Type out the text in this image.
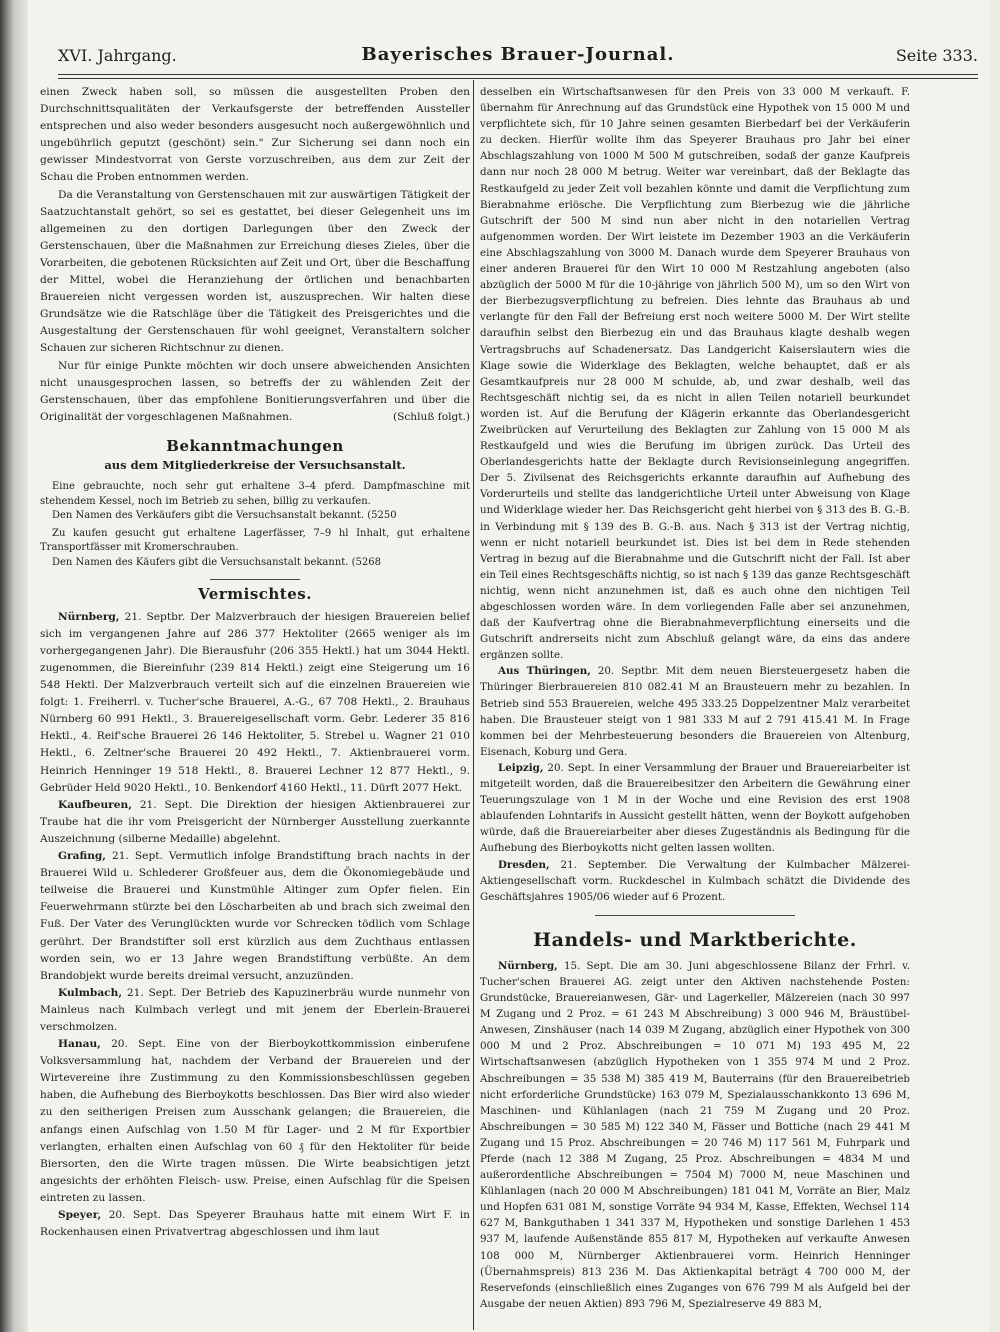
XVI. Jahrgang.	Bayerisches Brauer-Journal.	Seite 333.

einen Zweck haben soll, so müssen die ausgestellten Proben den Durchschnittsqualitäten der Verkaufsgerste der betreffenden Aussteller entsprechen und also weder besonders ausgesucht noch außergewöhnlich und ungebührlich geputzt (geschönt) sein." Zur Sicherung sei dann noch ein gewisser Mindestvorrat von Gerste vorzuschreiben, aus dem zur Zeit der Schau die Proben entnommen werden.

Da die Veranstaltung von Gerstenschauen mit zur auswärtigen Tätigkeit der Saatzuchtanstalt gehört, so sei es gestattet, bei dieser Gelegenheit uns im allgemeinen zu den dortigen Darlegungen über den Zweck der Gerstenschauen, über die Maßnahmen zur Erreichung dieses Zieles, über die Vorarbeiten, die gebotenen Rücksichten auf Zeit und Ort, über die Beschaffung der Mittel, wobei die Heranziehung der örtlichen und benachbarten Brauereien nicht vergessen worden ist, auszusprechen. Wir halten diese Grundsätze wie die Ratschläge über die Tätigkeit des Preisgerichtes und die Ausgestaltung der Gerstenschauen für wohl geeignet, Veranstaltern solcher Schauen zur sicheren Richtschnur zu dienen.

Nur für einige Punkte möchten wir doch unsere abweichenden Ansichten nicht unausgesprochen lassen, so betreffs der zu wählenden Zeit der Gerstenschauen, über das empfohlene Bonitierungsverfahren und über die Originalität der vorgeschlagenen Maßnahmen.	(Schluß folgt.)

Bekanntmachungen
aus dem Mitgliederkreise der Versuchsanstalt.

Eine gebrauchte, noch sehr gut erhaltene 3–4 pferd. Dampfmaschine mit stehendem Kessel, noch im Betrieb zu sehen, billig zu verkaufen.

Den Namen des Verkäufers gibt die Versuchsanstalt bekannt. (5250

Zu kaufen gesucht gut erhaltene Lagerfässer, 7–9 hl Inhalt, gut erhaltene Transportfässer mit Kromerschrauben.

Den Namen des Käufers gibt die Versuchsanstalt bekannt. (5268

Vermischtes.

Nürnberg, 21. Septbr. Der Malzverbrauch der hiesigen Brauereien belief sich im vergangenen Jahre auf 286 377 Hektoliter (2665 weniger als im vorhergegangenen Jahr). Die Bierausfuhr (206 355 Hektl.) hat um 3044 Hektl. zugenommen, die Biereinfuhr (239 814 Hektl.) zeigt eine Steigerung um 16 548 Hektl. Der Malzverbrauch verteilt sich auf die einzelnen Brauereien wie folgt: 1. Freiherrl. v. Tucher'sche Brauerei, A.-G., 67 708 Hektl., 2. Brauhaus Nürnberg 60 991 Hektl., 3. Brauereigesellschaft vorm. Gebr. Lederer 35 816 Hektl., 4. Reif'sche Brauerei 26 146 Hektoliter, 5. Strebel u. Wagner 21 010 Hektl., 6. Zeltner'sche Brauerei 20 492 Hektl., 7. Aktienbrauerei vorm. Heinrich Henninger 19 518 Hektl., 8. Brauerei Lechner 12 877 Hektl., 9. Gebrüder Held 9020 Hektl., 10. Benkendorf 4160 Hektl., 11. Dürft 2077 Hekt.

Kaufbeuren, 21. Sept. Die Direktion der hiesigen Aktienbrauerei zur Traube hat die ihr vom Preisgericht der Nürnberger Ausstellung zuerkannte Auszeichnung (silberne Medaille) abgelehnt.

Grafing, 21. Sept. Vermutlich infolge Brandstiftung brach nachts in der Brauerei Wild u. Schlederer Großfeuer aus, dem die Ökonomiegebäude und teilweise die Brauerei und Kunstmühle Altinger zum Opfer fielen. Ein Feuerwehrmann stürzte bei den Löscharbeiten ab und brach sich zweimal den Fuß. Der Vater des Verunglückten wurde vor Schrecken tödlich vom Schlage gerührt. Der Brandstifter soll erst kürzlich aus dem Zuchthaus entlassen worden sein, wo er 13 Jahre wegen Brandstiftung verbüßte. An dem Brandobjekt wurde bereits dreimal versucht, anzuzünden.

Kulmbach, 21. Sept. Der Betrieb des Kapuzinerbräu wurde nunmehr von Mainleus nach Kulmbach verlegt und mit jenem der Eberlein-Brauerei verschmolzen.

Hanau, 20. Sept. Eine von der Bierboykottkommission einberufene Volksversammlung hat, nachdem der Verband der Brauereien und der Wirtevereine ihre Zustimmung zu den Kommissionsbeschlüssen gegeben haben, die Aufhebung des Bierboykotts beschlossen. Das Bier wird also wieder zu den seitherigen Preisen zum Ausschank gelangen; die Brauereien, die anfangs einen Aufschlag von 1.50 M für Lager- und 2 M für Exportbier verlangten, erhalten einen Aufschlag von 60 ₰ für den Hektoliter für beide Biersorten, den die Wirte tragen müssen. Die Wirte beabsichtigen jetzt angesichts der erhöhten Fleisch- usw. Preise, einen Aufschlag für die Speisen eintreten zu lassen.

Speyer, 20. Sept. Das Speyerer Brauhaus hatte mit einem Wirt F. in Rockenhausen einen Privatvertrag abgeschlossen und ihm laut

desselben ein Wirtschaftsanwesen für den Preis von 33 000 M verkauft. F. übernahm für Anrechnung auf das Grundstück eine Hypothek von 15 000 M und verpflichtete sich, für 10 Jahre seinen gesamten Bierbedarf bei der Verkäuferin zu decken. Hierfür wollte ihm das Speyerer Brauhaus pro Jahr bei einer Abschlagszahlung von 1000 M 500 M gutschreiben, sodaß der ganze Kaufpreis dann nur noch 28 000 M betrug. Weiter war vereinbart, daß der Beklagte das Restkaufgeld zu jeder Zeit voll bezahlen könnte und damit die Verpflichtung zum Bierabnahme erlösche. Die Verpflichtung zum Bierbezug wie die jährliche Gutschrift der 500 M sind nun aber nicht in den notariellen Vertrag aufgenommen worden. Der Wirt leistete im Dezember 1903 an die Verkäuferin eine Abschlagszahlung von 3000 M. Danach wurde dem Speyerer Brauhaus von einer anderen Brauerei für den Wirt 10 000 M Restzahlung angeboten (also abzüglich der 5000 M für die 10-jährige von jährlich 500 M), um so den Wirt von der Bierbezugsverpflichtung zu befreien. Dies lehnte das Brauhaus ab und verlangte für den Fall der Befreiung erst noch weitere 5000 M. Der Wirt stellte daraufhin selbst den Bierbezug ein und das Brauhaus klagte deshalb wegen Vertragsbruchs auf Schadenersatz. Das Landgericht Kaiserslautern wies die Klage sowie die Widerklage des Beklagten, welche behauptet, daß er als Gesamtkaufpreis nur 28 000 M schulde, ab, und zwar deshalb, weil das Rechtsgeschäft nichtig sei, da es nicht in allen Teilen notariell beurkundet worden ist. Auf die Berufung der Klägerin erkannte das Oberlandesgericht Zweibrücken auf Verurteilung des Beklagten zur Zahlung von 15 000 M als Restkaufgeld und wies die Berufung im übrigen zurück. Das Urteil des Oberlandesgerichts hatte der Beklagte durch Revisionseinlegung angegriffen. Der 5. Zivilsenat des Reichsgerichts erkannte daraufhin auf Aufhebung des Vorderurteils und stellte das landgerichtliche Urteil unter Abweisung von Klage und Widerklage wieder her. Das Reichsgericht geht hierbei von § 313 des B. G.-B. in Verbindung mit § 139 des B. G.-B. aus. Nach § 313 ist der Vertrag nichtig, wenn er nicht notariell beurkundet ist. Dies ist bei dem in Rede stehenden Vertrag in bezug auf die Bierabnahme und die Gutschrift nicht der Fall. Ist aber ein Teil eines Rechtsgeschäfts nichtig, so ist nach § 139 das ganze Rechtsgeschäft nichtig, wenn nicht anzunehmen ist, daß es auch ohne den nichtigen Teil abgeschlossen worden wäre. In dem vorliegenden Falle aber sei anzunehmen, daß der Kaufvertrag ohne die Bierabnahmeverpflichtung einerseits und die Gutschrift andrerseits nicht zum Abschluß gelangt wäre, da eins das andere ergänzen sollte.

Aus Thüringen, 20. Septbr. Mit dem neuen Biersteuergesetz haben die Thüringer Bierbrauereien 810 082.41 M an Brausteuern mehr zu bezahlen. In Betrieb sind 553 Brauereien, welche 495 333.25 Doppelzentner Malz verarbeitet haben. Die Brausteuer steigt von 1 981 333 M auf 2 791 415.41 M. In Frage kommen bei der Mehrbesteuerung besonders die Brauereien von Altenburg, Eisenach, Koburg und Gera.

Leipzig, 20. Sept. In einer Versammlung der Brauer und Brauereiarbeiter ist mitgeteilt worden, daß die Brauereibesitzer den Arbeitern die Gewährung einer Teuerungszulage von 1 M in der Woche und eine Revision des erst 1908 ablaufenden Lohntarifs in Aussicht gestellt hätten, wenn der Boykott aufgehoben würde, daß die Brauereiarbeiter aber dieses Zugeständnis als Bedingung für die Aufhebung des Bierboykotts nicht gelten lassen wollten.

Dresden, 21. September. Die Verwaltung der Kulmbacher Mälzerei-Aktiengesellschaft vorm. Ruckdeschel in Kulmbach schätzt die Dividende des Geschäftsjahres 1905/06 wieder auf 6 Prozent.

Handels- und Marktberichte.

Nürnberg, 15. Sept. Die am 30. Juni abgeschlossene Bilanz der Frhrl. v. Tucher'schen Brauerei AG. zeigt unter den Aktiven nachstehende Posten: Grundstücke, Brauereianwesen, Gär- und Lagerkeller, Mälzereien (nach 30 997 M Zugang und 2 Proz. = 61 243 M Abschreibung) 3 000 946 M, Bräustübel-Anwesen, Zinshäuser (nach 14 039 M Zugang, abzüglich einer Hypothek von 300 000 M und 2 Proz. Abschreibungen = 10 071 M) 193 495 M, 22 Wirtschaftsanwesen (abzüglich Hypotheken von 1 355 974 M und 2 Proz. Abschreibungen = 35 538 M) 385 419 M, Bauterrains (für den Brauereibetrieb nicht erforderliche Grundstücke) 163 079 M, Spezialausschankkonto 13 696 M, Maschinen- und Kühlanlagen (nach 21 759 M Zugang und 20 Proz. Abschreibungen = 30 585 M) 122 340 M, Fässer und Bottiche (nach 29 441 M Zugang und 15 Proz. Abschreibungen = 20 746 M) 117 561 M, Fuhrpark und Pferde (nach 12 388 M Zugang, 25 Proz. Abschreibungen = 4834 M und außerordentliche Abschreibungen = 7504 M) 7000 M, neue Maschinen und Kühlanlagen (nach 20 000 M Abschreibungen) 181 041 M, Vorräte an Bier, Malz und Hopfen 631 081 M, sonstige Vorräte 94 934 M, Kasse, Effekten, Wechsel 114 627 M, Bankguthaben 1 341 337 M, Hypotheken und sonstige Darlehen 1 453 937 M, laufende Außenstände 855 817 M, Hypotheken auf verkaufte Anwesen 108 000 M, Nürnberger Aktienbrauerei vorm. Heinrich Henninger (Übernahmspreis) 813 236 M. Das Aktienkapital beträgt 4 700 000 M, der Reservefonds (einschließlich eines Zuganges von 676 799 M als Aufgeld bei der Ausgabe der neuen Aktien) 893 796 M, Spezialreserve 49 883 M,
